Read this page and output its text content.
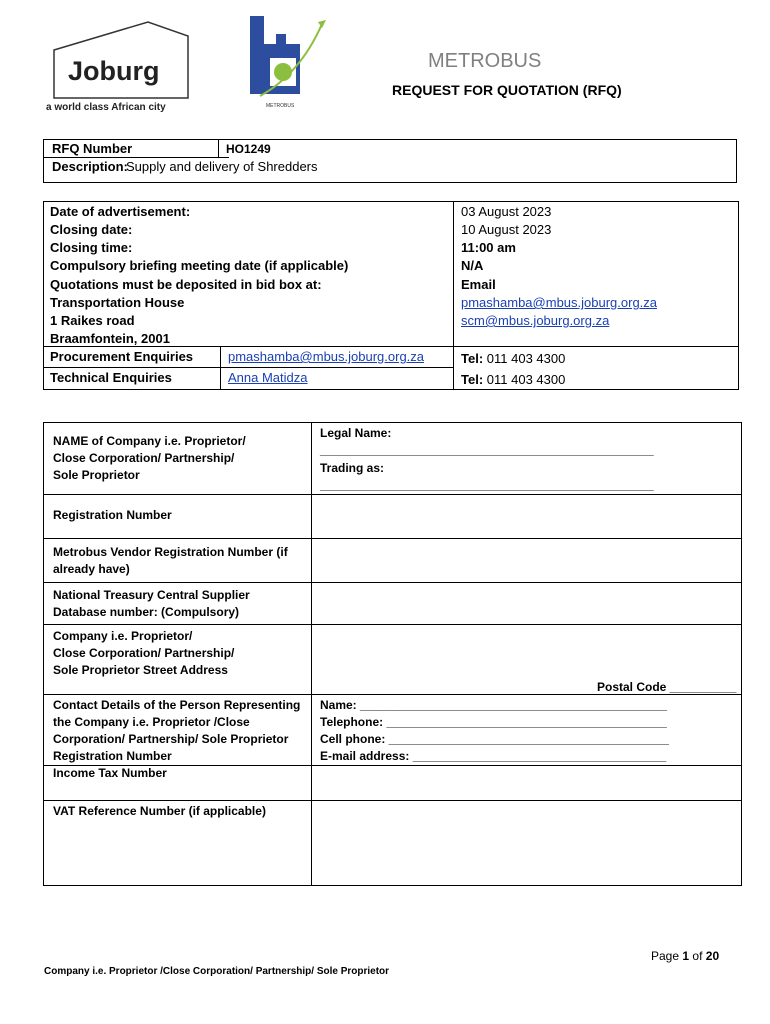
Joburg
a world class African city	METROBUS
METROBUS
REQUEST FOR QUOTATION (RFQ)
RFQ Number	HO1249
Description:
Supply and delivery of Shredders
Date of advertisement:
Closing date:
Closing time:
Compulsory briefing meeting date (if applicable)
Quotations must be deposited in bid box at:
Transportation House
1 Raikes road
Braamfontein, 2001
Procurement Enquiries
Technical Enquiries
pmashamba@mbus.joburg.org.za
Anna Matidza
03 August 2023
10 August 2023
11:00 am
N/A
Email
pmashamba@mbus.joburg.org.za
scm@mbus.joburg.org.za
Tel: 011 403 4300
Tel: 011 403 4300
NAME of Company i.e. Proprietor/
Close Corporation/ Partnership/
Sole Proprietor
Legal Name:
__________________________________________________
Trading as:
__________________________________________________
Registration Number
Metrobus Vendor Registration Number (if
already have)
National Treasury Central Supplier
Database number: (Compulsory)
Company i.e. Proprietor/
Close Corporation/ Partnership/
Sole Proprietor Street Address
Postal Code __________
Contact Details of the Person Representing
the Company i.e. Proprietor /Close
Corporation/ Partnership/ Sole Proprietor
Registration Number
Income Tax Number
Name: ______________________________________________
Telephone: __________________________________________
Cell phone: __________________________________________
E-mail address: ______________________________________
VAT Reference Number (if applicable)
Page 1 of 20
Company i.e. Proprietor /Close Corporation/ Partnership/ Sole Proprietor
